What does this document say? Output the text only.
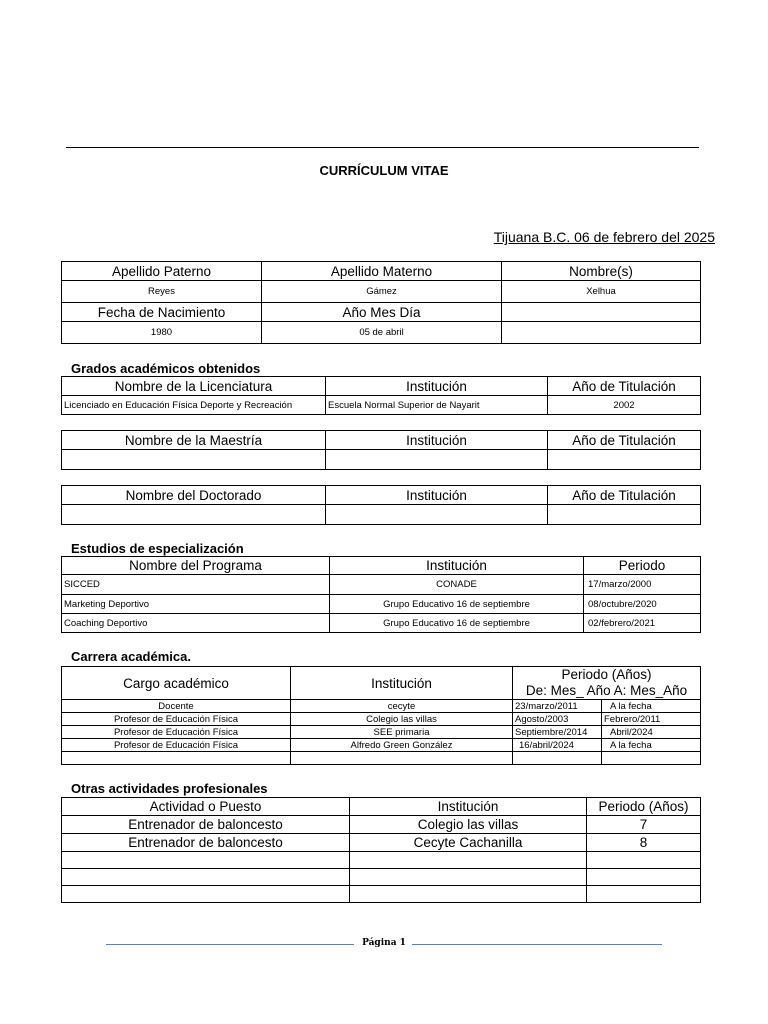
CURRÍCULUM VITAE
Tijuana B.C. 06 de febrero del 2025
Apellido Paterno	Apellido Materno	Nombre(s)
Reyes	Gámez	Xelhua
Fecha de Nacimiento	Año Mes Día	
1980	05 de abril	
Grados académicos obtenidos
Nombre de la Licenciatura	Institución	Año de Titulación
Licenciado en Educación Física Deporte y Recreación	Escuela Normal Superior de Nayarit	2002
Nombre de la Maestría	Institución	Año de Titulación

Nombre del Doctorado	Institución	Año de Titulación

Estudios de especialización
Nombre del Programa	Institución	Periodo
SICCED	CONADE	17/marzo/2000
Marketing Deportivo	Grupo Educativo 16 de septiembre	08/octubre/2020
Coaching Deportivo	Grupo Educativo 16 de septiembre	02/febrero/2021
Carrera académica.
Cargo académico	Institución	Periodo (Años)	
		De: Mes_ Año A: Mes_Año	
Docente	cecyte	23/marzo/2011	A la fecha
Profesor de Educación Física	Colegio las villas	Agosto/2003	Febrero/2011
Profesor de Educación Física	SEE primaria	Septiembre/2014	Abril/2024
Profesor de Educación Física	Alfredo Green González	16/abril/2024	A la fecha

Otras actividades profesionales
Actividad o Puesto	Institución	Periodo (Años)
Entrenador de baloncesto	Colegio las villas	7
Entrenador de baloncesto	Cecyte Cachanilla	8

Página 1
